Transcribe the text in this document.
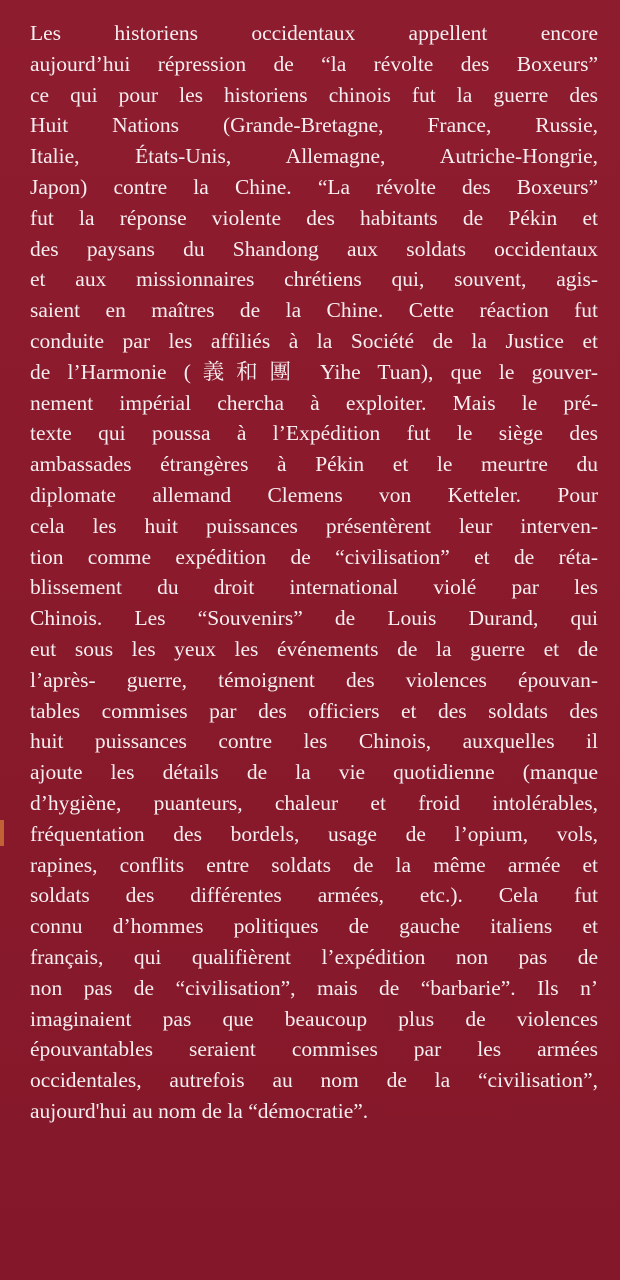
Les historiens occidentaux appellent encore
aujourd’hui répression de “la révolte des Boxeurs”
ce qui pour les historiens chinois fut la guerre des
Huit Nations (Grande-Bretagne, France, Russie,
Italie, États-Unis, Allemagne, Autriche-Hongrie,
Japon) contre la Chine. “La révolte des Boxeurs”
fut la réponse violente des habitants de Pékin et
des paysans du Shandong aux soldats occidentaux
et aux missionnaires chrétiens qui, souvent, agis-
saient en maîtres de la Chine. Cette réaction fut
conduite par les affiliés à la Société de la Justice et
de l’Harmonie (義和團 Yihe Tuan), que le gouver-
nement impérial chercha à exploiter. Mais le pré-
texte qui poussa à l’Expédition fut le siège des
ambassades étrangères à Pékin et le meurtre du
diplomate allemand Clemens von Ketteler. Pour
cela les huit puissances présentèrent leur interven-
tion comme expédition de “civilisation” et de réta-
blissement du droit international violé par les
Chinois. Les “Souvenirs” de Louis Durand, qui
eut sous les yeux les événements de la guerre et de
l’après- guerre, témoignent des violences épouvan-
tables commises par des officiers et des soldats des
huit puissances contre les Chinois, auxquelles il
ajoute les détails de la vie quotidienne (manque
d’hygiène, puanteurs, chaleur et froid intolérables,
fréquentation des bordels, usage de l’opium, vols,
rapines, conflits entre soldats de la même armée et
soldats des différentes armées, etc.). Cela fut
connu d’hommes politiques de gauche italiens et
français, qui qualifièrent l’expédition non pas de
non pas de “civilisation”, mais de “barbarie”. Ils n’
imaginaient pas que beaucoup plus de violences
épouvantables seraient commises par les armées
occidentales, autrefois au nom de la “civilisation”,
aujourd'hui au nom de la “démocratie”.
